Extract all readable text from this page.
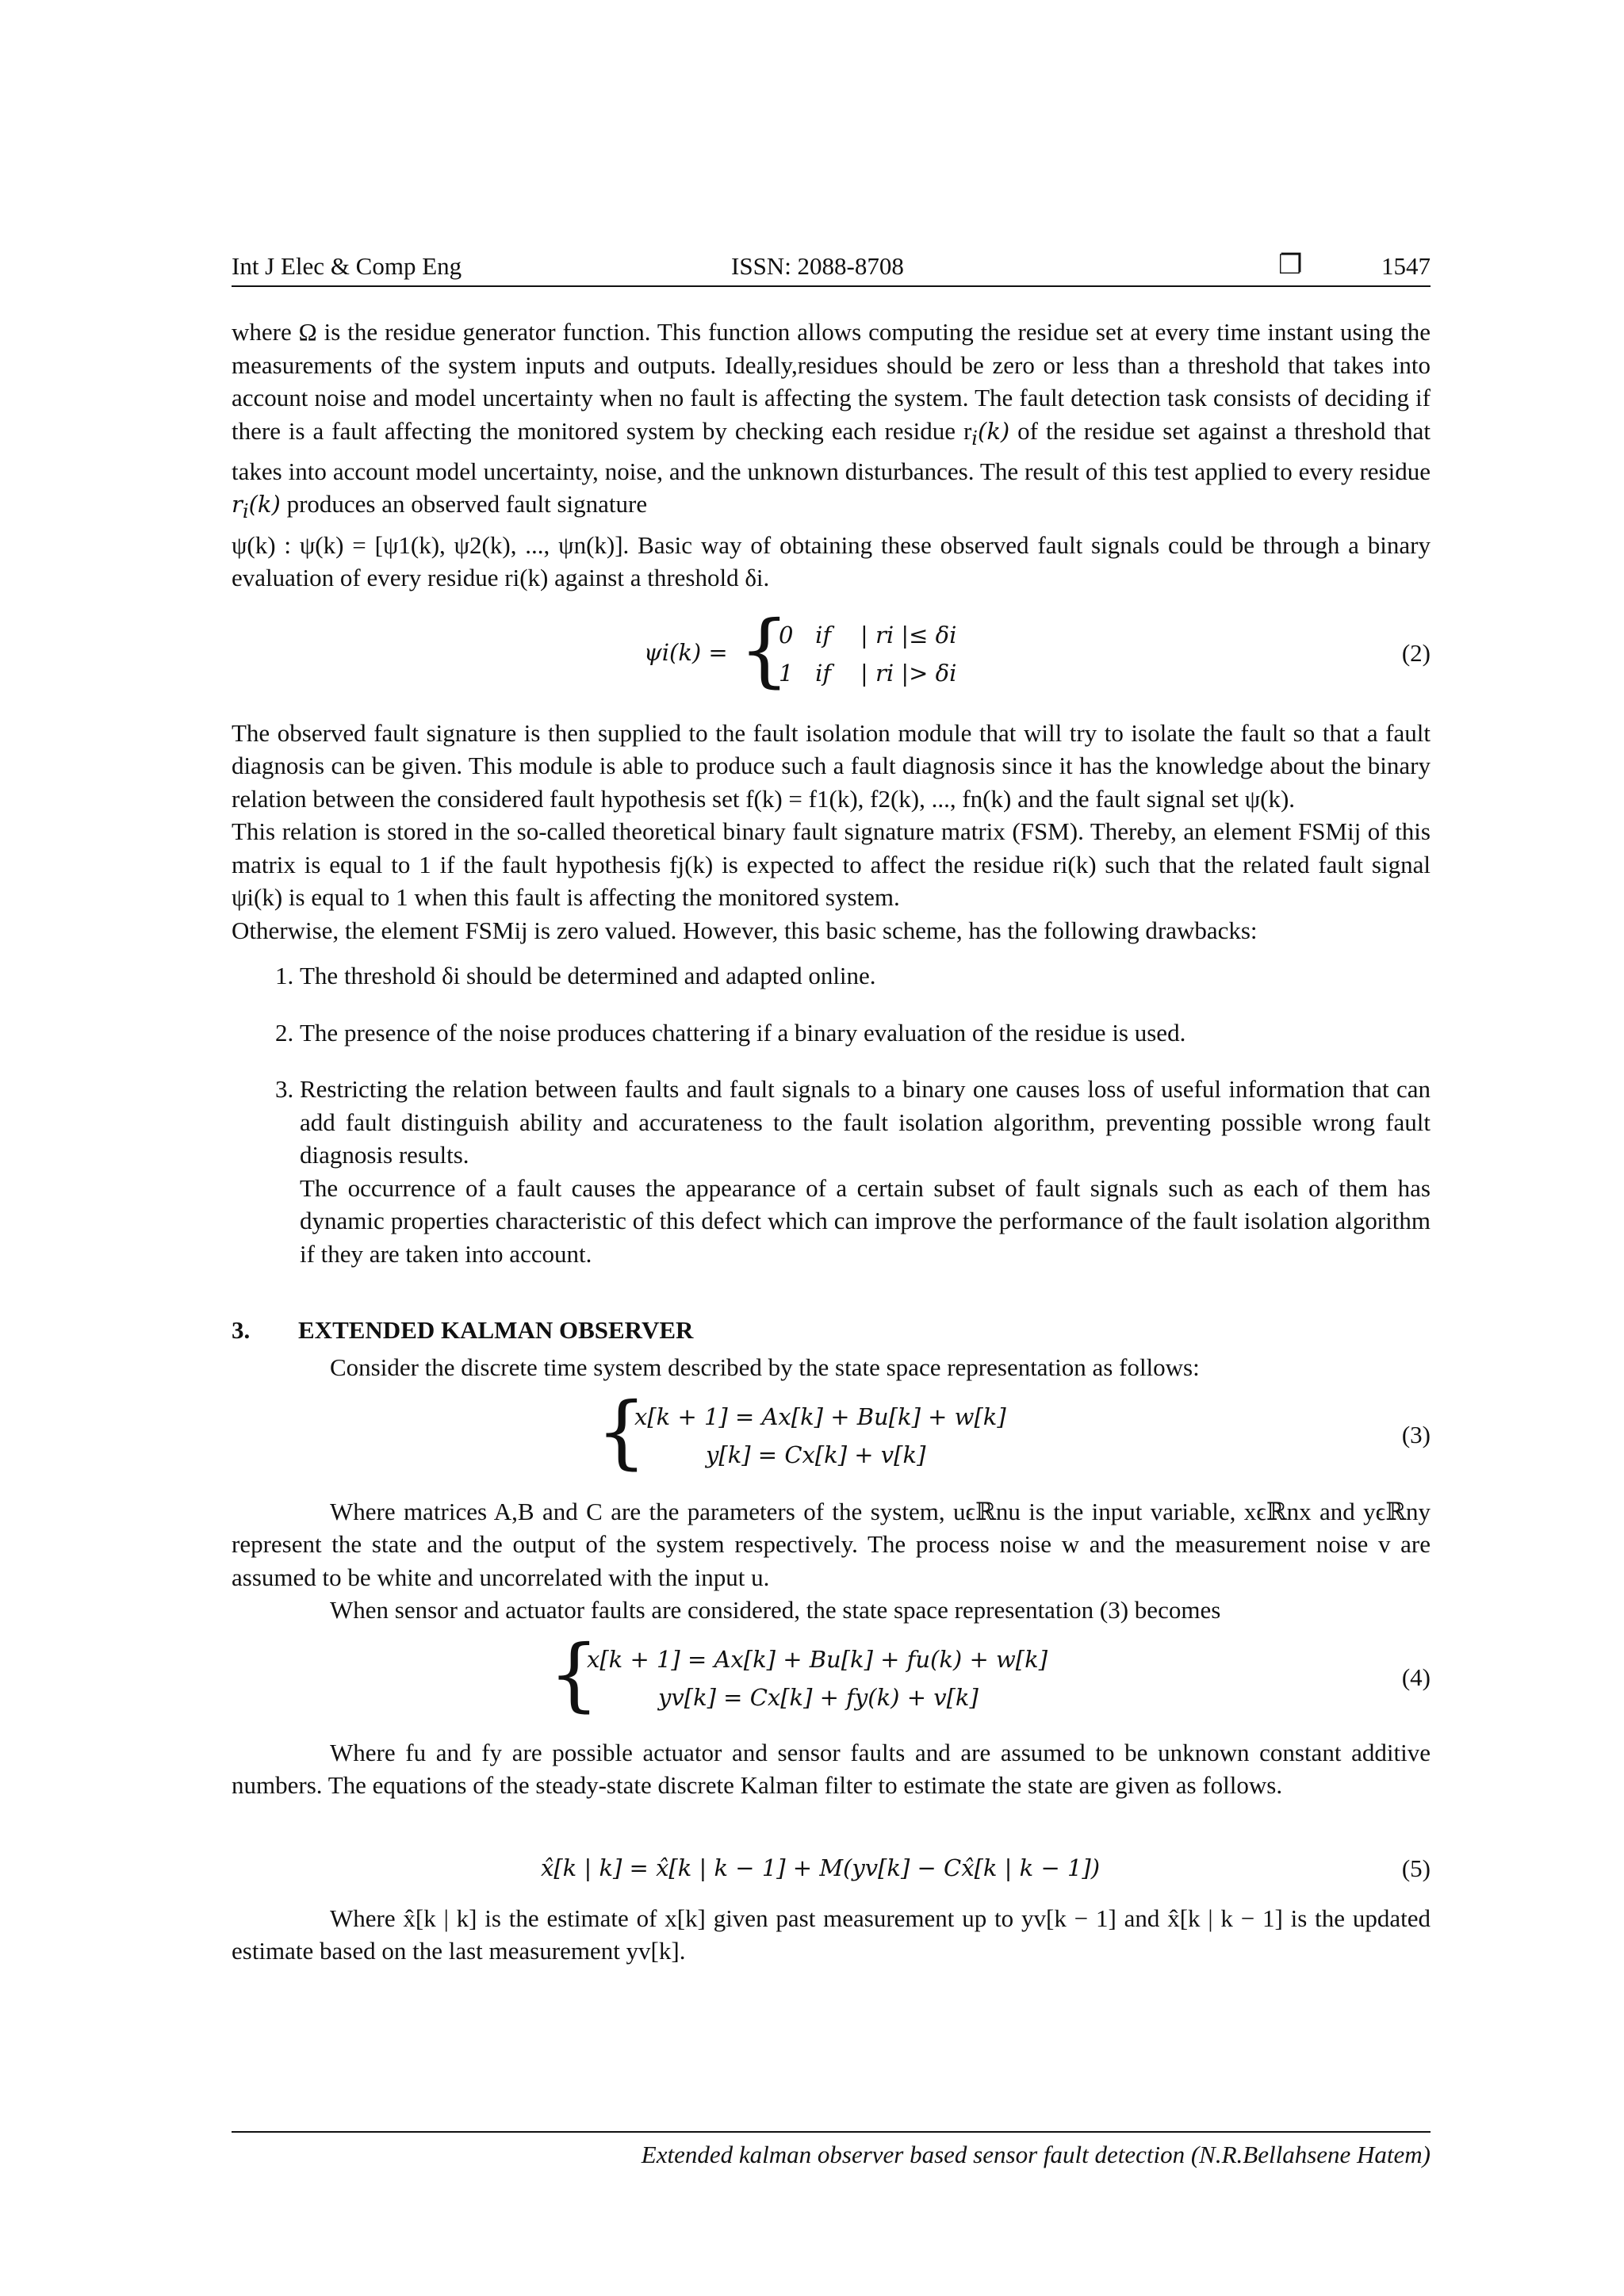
Int J Elec & Comp Eng	ISSN: 2088-8708	❐	1547

where Ω is the residue generator function. This function allows computing the residue set at every time instant using the measurements of the system inputs and outputs. Ideally,residues should be zero or less than a threshold that takes into account noise and model uncertainty when no fault is affecting the system. The fault detection task consists of deciding if there is a fault affecting the monitored system by checking each residue $r_i(k)$ of the residue set against a threshold that takes into account model uncertainty, noise, and the unknown disturbances. The result of this test applied to every residue $r_i(k)$ produces an observed fault signature

ψ(k) : ψ(k) = [ψ1(k), ψ2(k), ..., ψn(k)]. Basic way of obtaining these observed fault signals could be through a binary evaluation of every residue ri(k) against a threshold δi.

ψi(k) = {
0   if    | ri |≤ δi
1   if    | ri |> δi
(2)

The observed fault signature is then supplied to the fault isolation module that will try to isolate the fault so that a fault diagnosis can be given. This module is able to produce such a fault diagnosis since it has the knowledge about the binary relation between the considered fault hypothesis set f(k) = f1(k), f2(k), ..., fn(k) and the fault signal set ψ(k).

This relation is stored in the so-called theoretical binary fault signature matrix (FSM). Thereby, an element FSMij of this matrix is equal to 1 if the fault hypothesis fj(k) is expected to affect the residue ri(k) such that the related fault signal ψi(k) is equal to 1 when this fault is affecting the monitored system.

Otherwise, the element FSMij is zero valued. However, this basic scheme, has the following drawbacks:

1. The threshold δi should be determined and adapted online.
2. The presence of the noise produces chattering if a binary evaluation of the residue is used.
3. Restricting the relation between faults and fault signals to a binary one causes loss of useful information that can add fault distinguish ability and accurateness to the fault isolation algorithm, preventing possible wrong fault diagnosis results.
The occurrence of a fault causes the appearance of a certain subset of fault signals such as each of them has dynamic properties characteristic of this defect which can improve the performance of the fault isolation algorithm if they are taken into account.
3. EXTENDED KALMAN OBSERVER

Consider the discrete time system described by the state space representation as follows:

{
x[k + 1] = Ax[k] + Bu[k] + w[k]
y[k] = Cx[k] + v[k]
(3)

Where matrices A,B and C are the parameters of the system, uϵℝnu is the input variable, xϵℝnx and yϵℝny represent the state and the output of the system respectively. The process noise w and the measurement noise v are assumed to be white and uncorrelated with the input u.

When sensor and actuator faults are considered, the state space representation (3) becomes

{
x[k + 1] = Ax[k] + Bu[k] + fu(k) + w[k]
yv[k] = Cx[k] + fy(k) + v[k]
(4)

Where fu and fy are possible actuator and sensor faults and are assumed to be unknown constant additive numbers. The equations of the steady-state discrete Kalman filter to estimate the state are given as follows.

x̂[k | k] = x̂[k | k − 1] + M(yv[k] − Cx̂[k | k − 1])	(5)

Where x̂[k | k] is the estimate of x[k] given past measurement up to yv[k − 1] and x̂[k | k − 1] is the updated estimate based on the last measurement yv[k].

Extended kalman observer based sensor fault detection (N.R.Bellahsene Hatem)
